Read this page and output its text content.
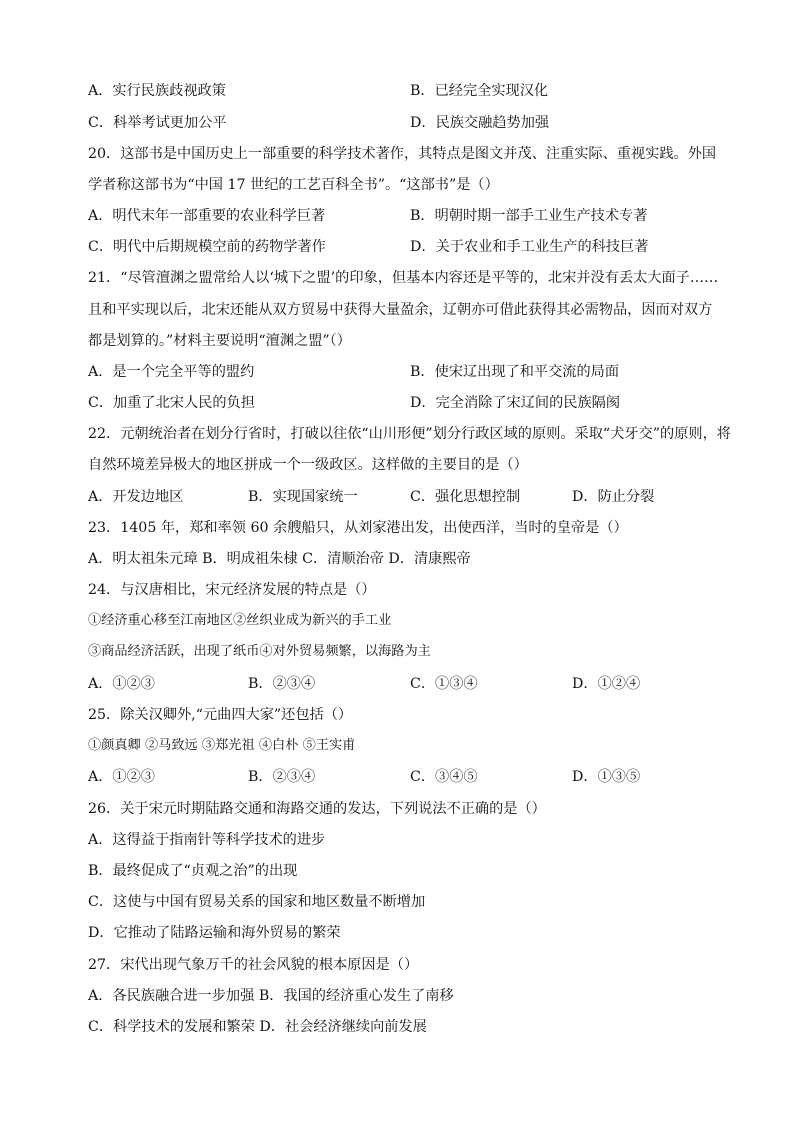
A．实行民族歧视政策	B．已经完全实现汉化
C．科举考试更加公平	D．民族交融趋势加强
20．这部书是中国历史上一部重要的科学技术著作，其特点是图文并茂、注重实际、重视实践。外国
学者称这部书为“中国 17 世纪的工艺百科全书”。“这部书”是（）
A．明代末年一部重要的农业科学巨著	B．明朝时期一部手工业生产技术专著
C．明代中后期规模空前的药物学著作	D．关于农业和手工业生产的科技巨著
21．“尽管澶渊之盟常给人以‘城下之盟’的印象，但基本内容还是平等的，北宋并没有丢太大面子……
且和平实现以后，北宋还能从双方贸易中获得大量盈余，辽朝亦可借此获得其必需物品，因而对双方
都是划算的。”材料主要说明“澶渊之盟”（）
A．是一个完全平等的盟约	B．使宋辽出现了和平交流的局面
C．加重了北宋人民的负担	D．完全消除了宋辽间的民族隔阂
22．元朝统治者在划分行省时，打破以往依“山川形便”划分行政区域的原则。采取“犬牙交”的原则，将
自然环境差异极大的地区拼成一个一级政区。这样做的主要目的是（）
A．开发边地区	B．实现国家统一	C．强化思想控制	D．防止分裂
23．1405 年，郑和率领 60 余艘船只，从刘家港出发，出使西洋，当时的皇帝是（）
A．明太祖朱元璋 B．明成祖朱棣 C．清顺治帝 D．清康熙帝
24．与汉唐相比，宋元经济发展的特点是（）
①经济重心移至江南地区②丝织业成为新兴的手工业
③商品经济活跃，出现了纸币④对外贸易频繁，以海路为主
A．①②③	B．②③④	C．①③④	D．①②④
25．除关汉卿外,“元曲四大家”还包括（）
①颜真卿 ②马致远 ③郑光祖 ④白朴 ⑤王实甫
A．①②③	B．②③④	C．③④⑤	D．①③⑤
26．关于宋元时期陆路交通和海路交通的发达，下列说法不正确的是（）
A．这得益于指南针等科学技术的进步
B．最终促成了“贞观之治”的出现
C．这使与中国有贸易关系的国家和地区数量不断增加
D．它推动了陆路运输和海外贸易的繁荣
27．宋代出现气象万千的社会风貌的根本原因是（）
A．各民族融合进一步加强 B．我国的经济重心发生了南移
C．科学技术的发展和繁荣 D．社会经济继续向前发展
